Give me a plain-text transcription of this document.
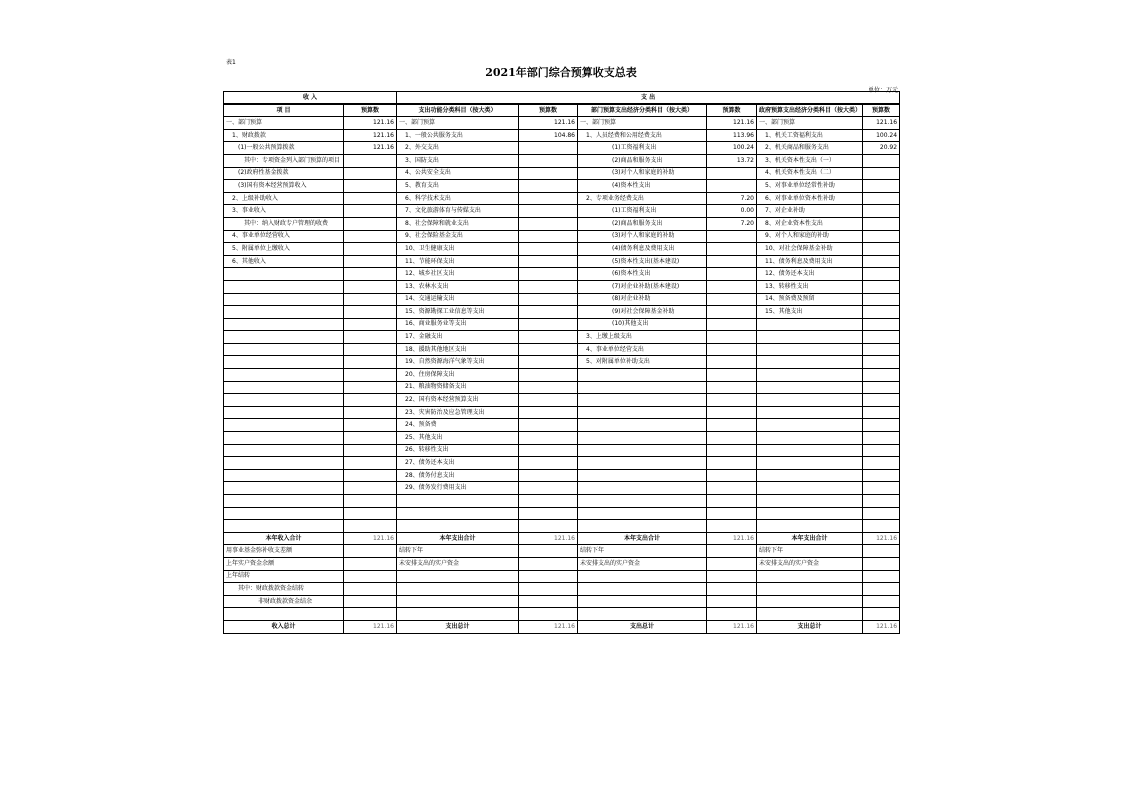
表1
2021年部门综合预算收支总表
单位：万元
收 入		支 出					
项 目	预算数	支出功能分类科目（按大类）	预算数	部门预算支出经济分类科目（按大类）	预算数	政府预算支出经济分类科目（按大类）	预算数
一、部门预算	121.16	一、部门预算	121.16	一、部门预算	121.16	一、部门预算	121.16
1、财政拨款	121.16	1、一般公共服务支出	104.86	1、人员经费和公用经费支出	113.96	1、机关工资福利支出	100.24
(1)一般公共预算拨款	121.16	2、外交支出		(1)工资福利支出	100.24	2、机关商品和服务支出	20.92
其中：专项资金列入部门预算的项目		3、国防支出		(2)商品和服务支出	13.72	3、机关资本性支出（一）	
(2)政府性基金拨款		4、公共安全支出		(3)对个人和家庭的补助		4、机关资本性支出（二）	
(3)国有资本经营预算收入		5、教育支出		(4)资本性支出		5、对事业单位经常性补助	
2、上级补助收入		6、科学技术支出		2、专项业务经费支出	7.20	6、对事业单位资本性补助	
3、事业收入		7、文化旅游体育与传媒支出		(1)工资福利支出	0.00	7、对企业补助	
其中：纳入财政专户管理的收费		8、社会保障和就业支出		(2)商品和服务支出	7.20	8、对企业资本性支出	
4、事业单位经营收入		9、社会保险基金支出		(3)对个人和家庭的补助		9、对个人和家庭的补助	
5、附属单位上缴收入		10、卫生健康支出		(4)债务利息及费用支出		10、对社会保障基金补助	
6、其他收入		11、节能环保支出		(5)资本性支出(基本建设)		11、债务利息及费用支出	
		12、城乡社区支出		(6)资本性支出		12、债务还本支出	
		13、农林水支出		(7)对企业补助(基本建设)		13、转移性支出	
		14、交通运输支出		(8)对企业补助		14、预备费及预留	
		15、资源勘探工业信息等支出		(9)对社会保障基金补助		15、其他支出	
		16、商业服务业等支出		(10)其他支出			
		17、金融支出		3、上缴上级支出			
		18、援助其他地区支出		4、事业单位经营支出			
		19、自然资源海洋气象等支出		5、对附属单位补助支出			
		20、住房保障支出					
		21、粮油物资储备支出					
		22、国有资本经营预算支出					
		23、灾害防治及应急管理支出					
		24、预备费					
		25、其他支出					
		26、转移性支出					
		27、债务还本支出					
		28、债务付息支出					
		29、债务发行费用支出					

本年收入合计	121.16	本年支出合计	121.16	本年支出合计	121.16	本年支出合计	121.16
用事业基金弥补收支差额		结转下年		结转下年		结转下年	
上年实户资金余额		未安排支出的实户资金		未安排支出的实户资金		未安排支出的实户资金	
上年结转							
其中：财政拨款资金结转							
非财政拨款资金结余							

收入总计	121.16	支出总计	121.16	支出总计	121.16	支出总计	121.16
